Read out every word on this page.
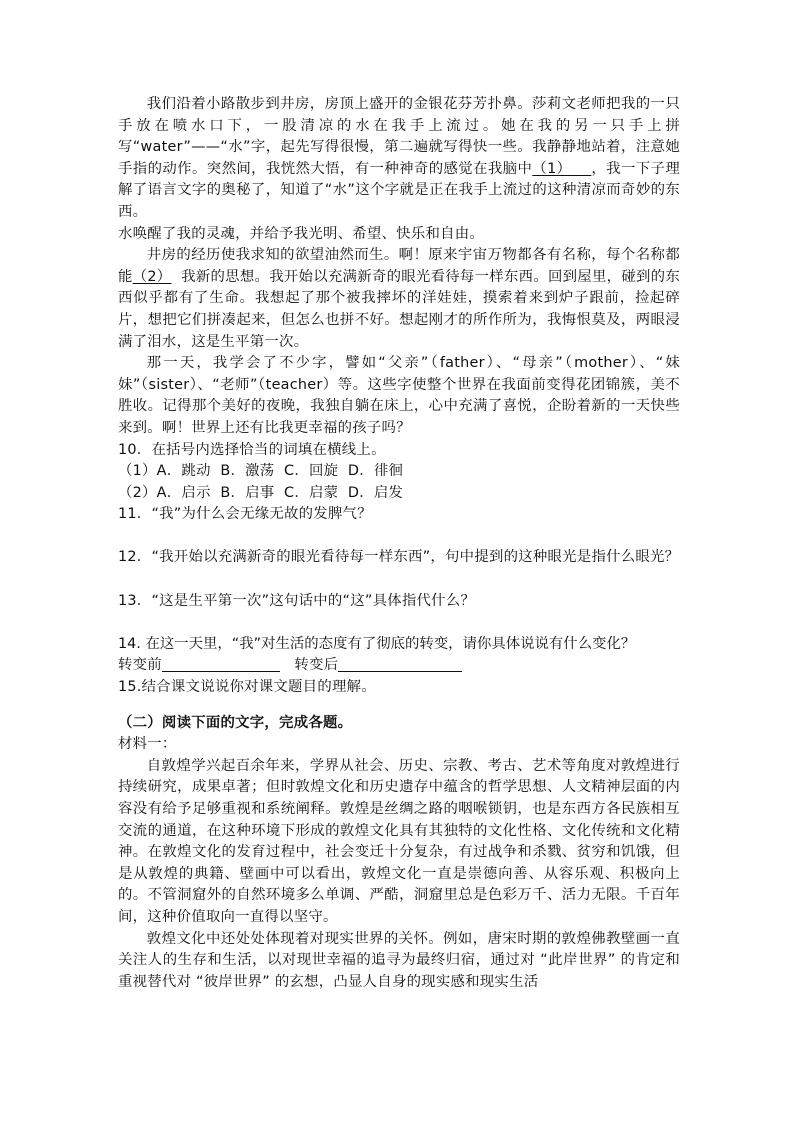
我们沿着小路散步到井房，房顶上盛开的金银花芬芳扑鼻。莎莉文老师把我的一只手放在喷水口下，一股清凉的水在我手上流过。她在我的另一只手上拼写“water”——“水”字，起先写得很慢，第二遍就写得快一些。我静静地站着，注意她手指的动作。突然间，我恍然大悟，有一种神奇的感觉在我脑中（1） ，我一下子理解了语言文字的奥秘了，知道了“水”这个字就是正在我手上流过的这种清凉而奇妙的东西。

水唤醒了我的灵魂，并给予我光明、希望、快乐和自由。

井房的经历使我求知的欲望油然而生。啊！原来宇宙万物都各有名称，每个名称都能（2） 我新的思想。我开始以充满新奇的眼光看待每一样东西。回到屋里，碰到的东西似乎都有了生命。我想起了那个被我摔坏的洋娃娃，摸索着来到炉子跟前，捡起碎片，想把它们拼凑起来，但怎么也拼不好。想起刚才的所作所为，我悔恨莫及，两眼浸满了泪水，这是生平第一次。

那一天，我学会了不少字，譬如“父亲”（father）、“母亲”（mother）、“妹妹”（sister）、“老师”（teacher）等。这些字使整个世界在我面前变得花团锦簇，美不胜收。记得那个美好的夜晚，我独自躺在床上，心中充满了喜悦，企盼着新的一天快些来到。啊！世界上还有比我更幸福的孩子吗？

10．在括号内选择恰当的词填在横线上。

（1）A．跳动  B．激荡  C．回旋  D．徘徊

（2）A．启示  B．启事  C．启蒙  D．启发

11．“我”为什么会无缘无故的发脾气？

12．“我开始以充满新奇的眼光看待每一样东西”，句中提到的这种眼光是指什么眼光？

13．“这是生平第一次”这句话中的“这”具体指代什么？

14. 在这一天里，“我”对生活的态度有了彻底的转变，请你具体说说有什么变化？

转变前	转变后

15.结合课文说说你对课文题目的理解。

（二）阅读下面的文字，完成各题。

材料一：

自敦煌学兴起百余年来，学界从社会、历史、宗教、考古、艺术等角度对敦煌进行持续研究，成果卓著；但时敦煌文化和历史遗存中蕴含的哲学思想、人文精神层面的内容没有给予足够重视和系统阐释。敦煌是丝绸之路的咽喉锁钥，也是东西方各民族相互交流的通道，在这种环境下形成的敦煌文化具有其独特的文化性格、文化传统和文化精神。在敦煌文化的发育过程中，社会变迁十分复杂，有过战争和杀戮、贫穷和饥饿，但是从敦煌的典籍、壁画中可以看出，敦煌文化一直是崇德向善、从容乐观、积极向上的。不管洞窟外的自然环境多么单调、严酷，洞窟里总是色彩万千、活力无限。千百年间，这种价值取向一直得以坚守。

敦煌文化中还处处体现着对现实世界的关怀。例如，唐宋时期的敦煌佛教壁画一直关注人的生存和生活，以对现世幸福的追寻为最终归宿，通过对 “此岸世界” 的肯定和重视替代对 “彼岸世界” 的玄想，凸显人自身的现实感和现实生活
